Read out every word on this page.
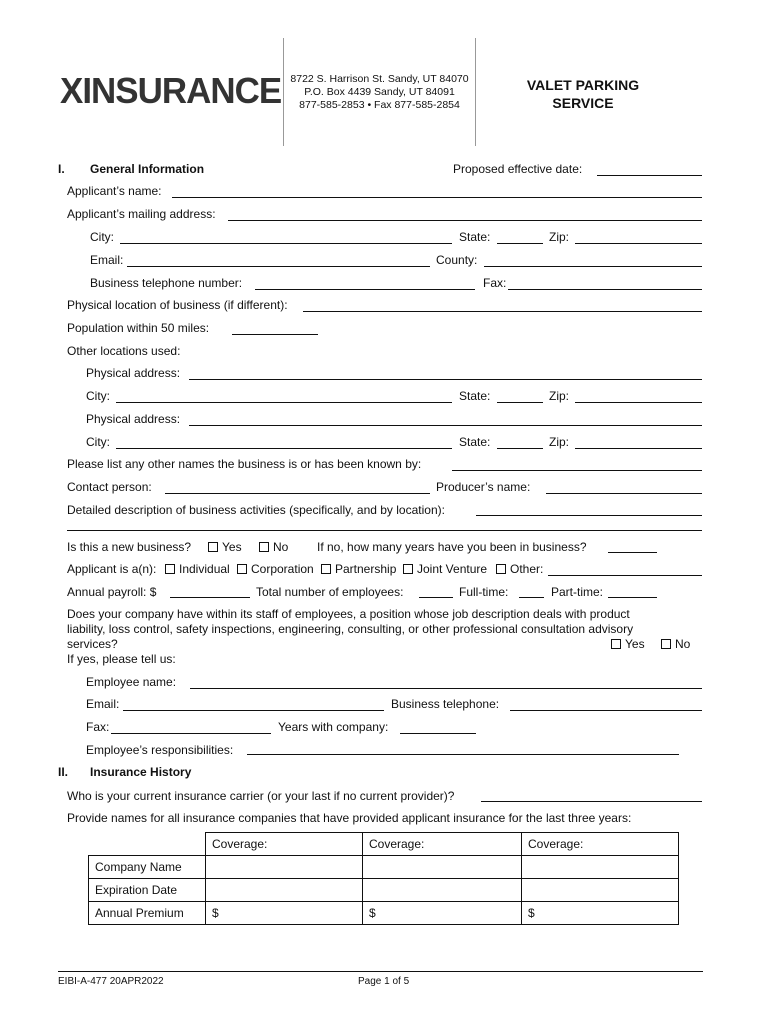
XINSURANCE 8722 S. Harrison St. Sandy, UT 84070
P.O. Box 4439 Sandy, UT 84091
877-585-2853 • Fax 877-585-2854
VALET PARKING
SERVICE
I. General Information	Proposed effective date:
Applicant’s name:
Applicant’s mailing address:
City:	State:	Zip:
Email:	County:
Business telephone number:	Fax:
Physical location of business (if different):
Population within 50 miles:
Other locations used:
Physical address:
City:	State:	Zip:
Physical address:
City:	State:	Zip:
Please list any other names the business is or has been known by:
Contact person:	Producer’s name:
Detailed description of business activities (specifically, and by location):
Is this a new business?	Yes	No If no, how many years have you been in business?
Applicant is a(n):	Individual	Corporation	Partnership	Joint Venture	Other:
Annual payroll: $	Total number of employees:	Full-time:	Part-time:
Does your company have within its staff of employees, a position whose job description deals with product
liability, loss control, safety inspections, engineering, consulting, or other professional consultation advisory
services?	Yes	No
If yes, please tell us:
Employee name:
Email:	Business telephone:
Fax:	Years with company:
Employee’s responsibilities:
II. Insurance History
Who is your current insurance carrier (or your last if no current provider)?
Provide names for all insurance companies that have provided applicant insurance for the last three years:
	Coverage:	Coverage:	Coverage:
Company Name			
Expiration Date			
Annual Premium	$	$	$
EIBI-A-477 20APR2022	Page 1 of 5
